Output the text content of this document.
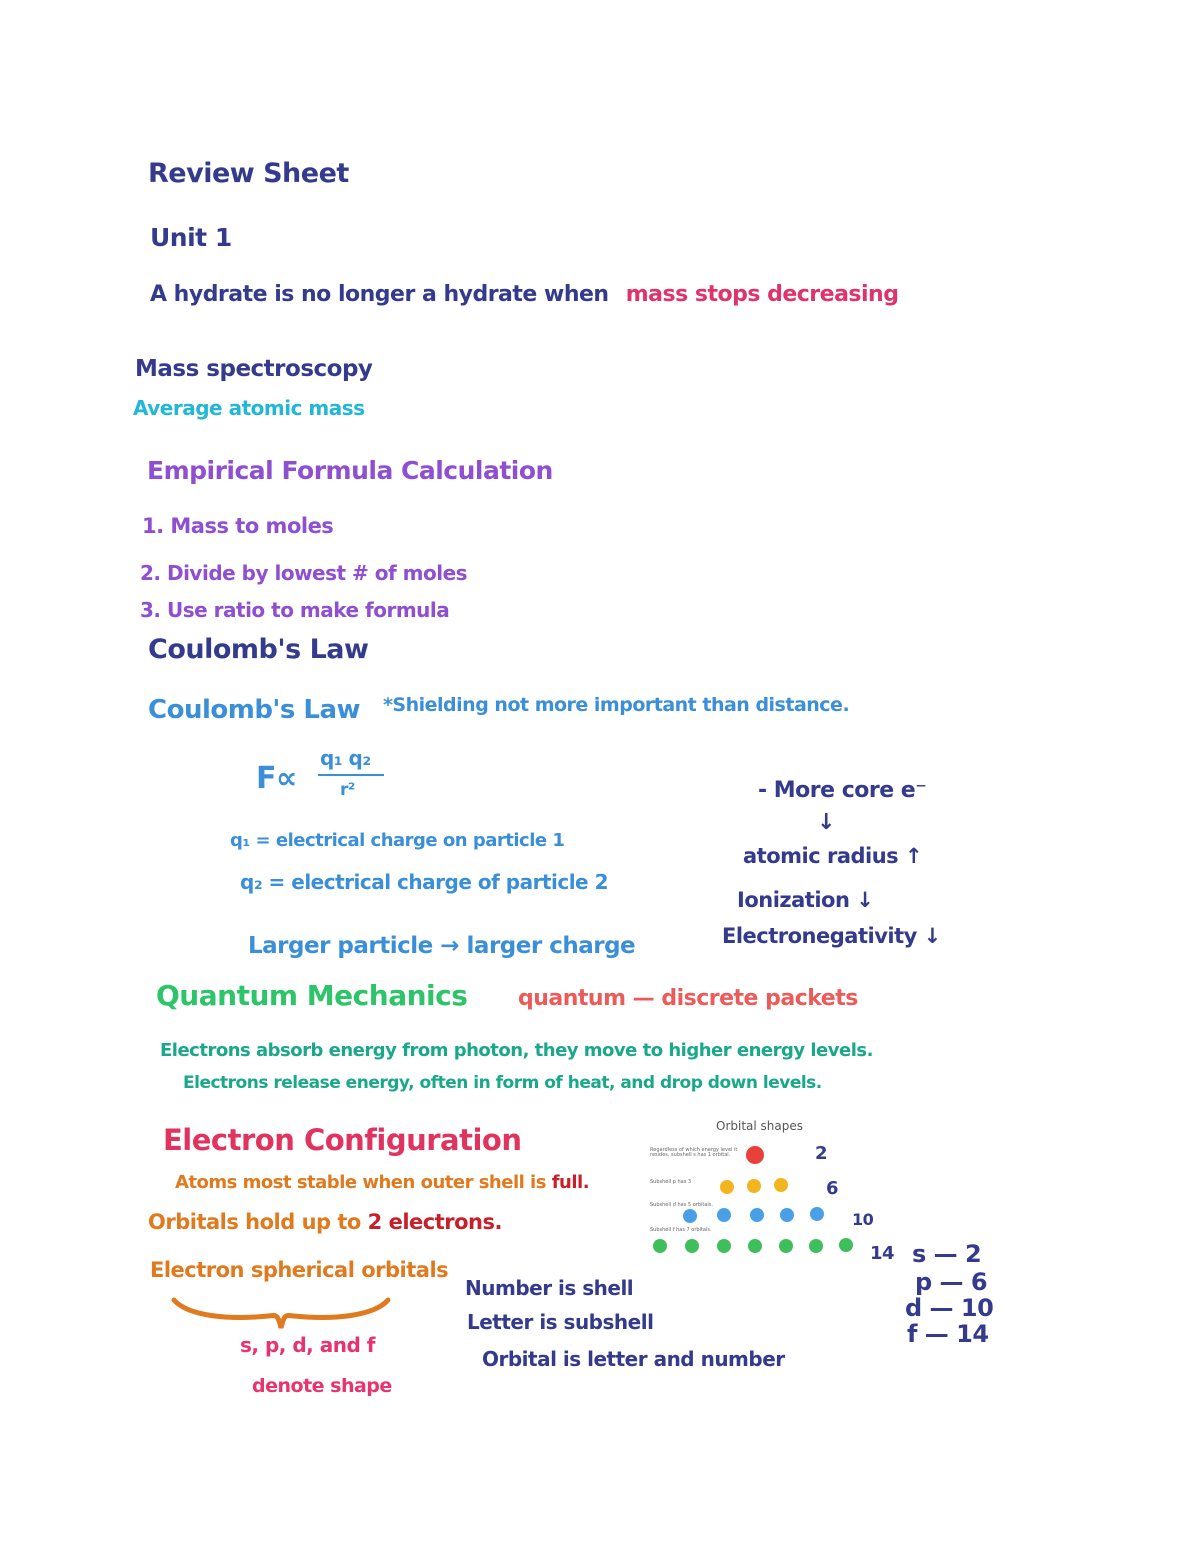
Review Sheet
Unit 1
A hydrate is no longer a hydrate when mass stops decreasing
Mass spectroscopy
Average atomic mass
Empirical Formula Calculation
1. Mass to moles
2. Divide by lowest # of moles
3. Use ratio to make formula
Coulomb's Law
Coulomb's Law *Shielding not more important than distance.
F∝
q₁ q₂
r²
q₁ = electrical charge on particle 1
q₂ = electrical charge of particle 2
Larger particle → larger charge
- More core e⁻
↓
atomic radius ↑
Ionization ↓
Electronegativity ↓
Quantum Mechanics quantum — discrete packets
Electrons absorb energy from photon, they move to higher energy levels.
Electrons release energy, often in form of heat, and drop down levels.
Electron Configuration
Atoms most stable when outer shell is full.
Orbitals hold up to 2 electrons.
Electron spherical orbitals
s, p, d, and f
denote shape
Number is shell
Letter is subshell
Orbital is letter and number
Orbital shapes
Regardless of which energy level it resides, subshell s has 1 orbital.
Subshell p has 3
Subshell d has 5 orbitals.
Subshell f has 7 orbitals.
2
6
10
14 s — 2
p — 6
d — 10
f — 14
